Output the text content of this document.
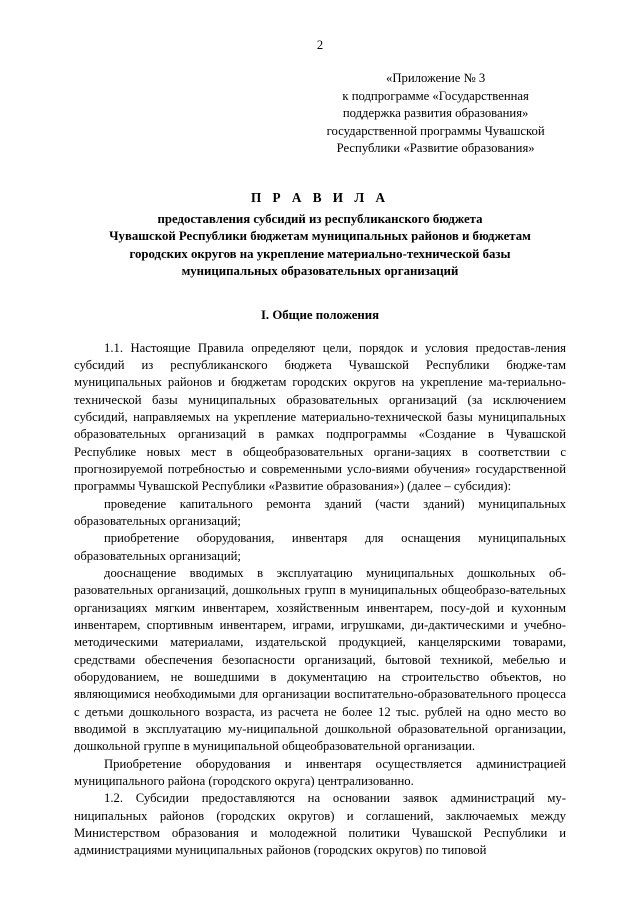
2
«Приложение № 3
к подпрограмме «Государственная
поддержка развития образования»
государственной программы Чувашской
Республики «Развитие образования»
П Р А В И Л А
предоставления субсидий из республиканского бюджета
Чувашской Республики бюджетам муниципальных районов и бюджетам
городских округов на укрепление материально-технической базы
муниципальных образовательных организаций
I. Общие положения

1.1. Настоящие Правила определяют цели, порядок и условия предостав-ления субсидий из республиканского бюджета Чувашской Республики бюдже-там муниципальных районов и бюджетам городских округов на укрепление ма-териально-технической базы муниципальных образовательных организаций (за исключением субсидий, направляемых на укрепление материально-технической базы муниципальных образовательных организаций в рамках подпрограммы «Создание в Чувашской Республике новых мест в общеобразовательных органи-зациях в соответствии с прогнозируемой потребностью и современными усло-виями обучения» государственной программы Чувашской Республики «Развитие образования») (далее – субсидия):

проведение капитального ремонта зданий (части зданий) муниципальных образовательных организаций;

приобретение оборудования, инвентаря для оснащения муниципальных образовательных организаций;

дооснащение вводимых в эксплуатацию муниципальных дошкольных об-разовательных организаций, дошкольных групп в муниципальных общеобразо-вательных организациях мягким инвентарем, хозяйственным инвентарем, посу-дой и кухонным инвентарем, спортивным инвентарем, играми, игрушками, ди-дактическими и учебно-методическими материалами, издательской продукцией, канцелярскими товарами, средствами обеспечения безопасности организаций, бытовой техникой, мебелью и оборудованием, не вошедшими в документацию на строительство объектов, но являющимися необходимыми для организации воспитательно-образовательного процесса с детьми дошкольного возраста, из расчета не более 12 тыс. рублей на одно место во вводимой в эксплуатацию му-ниципальной дошкольной образовательной организации, дошкольной группе в муниципальной общеобразовательной организации.

Приобретение оборудования и инвентаря осуществляется администрацией муниципального района (городского округа) централизованно.

1.2. Субсидии предоставляются на основании заявок администраций му-ниципальных районов (городских округов) и соглашений, заключаемых между Министерством образования и молодежной политики Чувашской Республики и администрациями муниципальных районов (городских округов) по типовой
